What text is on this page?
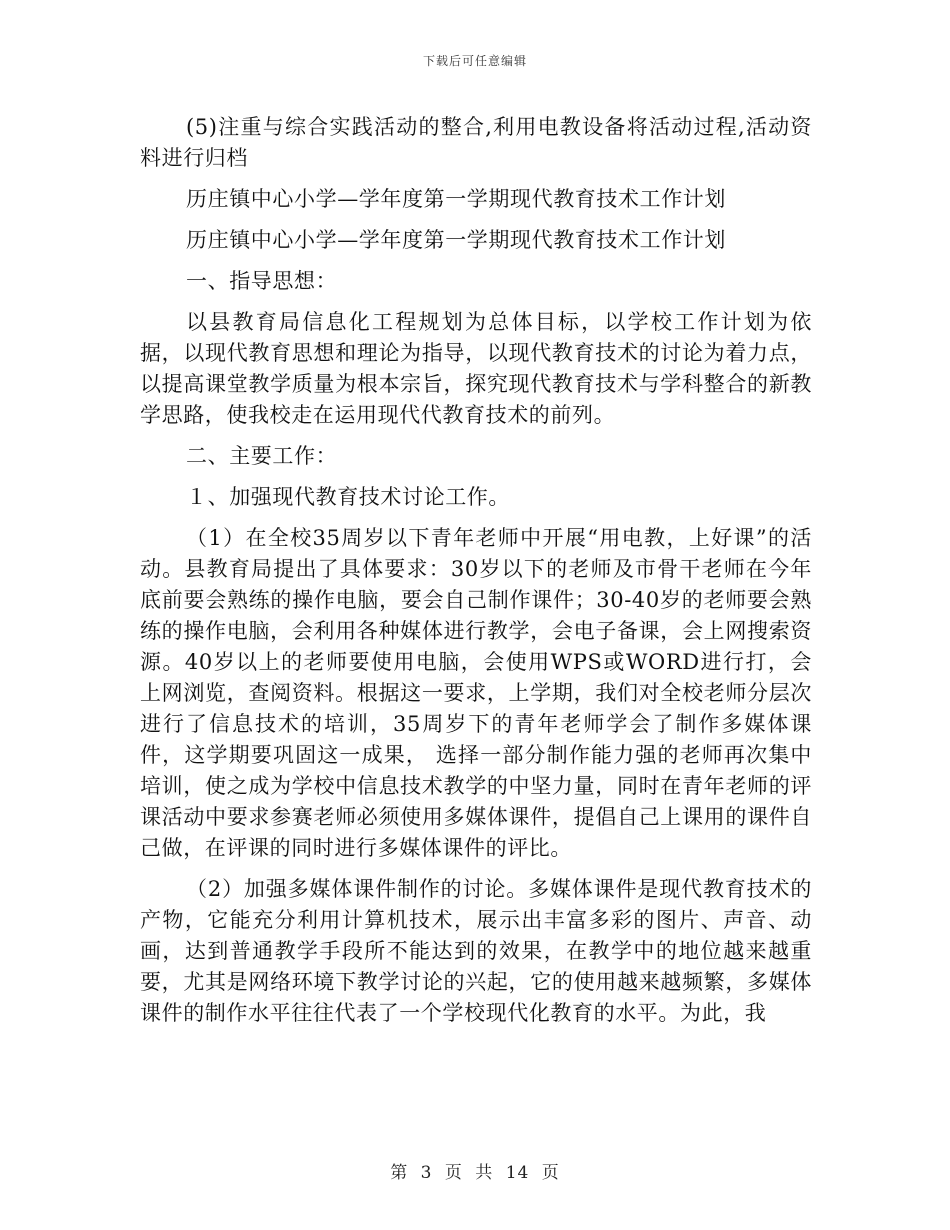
下载后可任意编辑

(5)注重与综合实践活动的整合,利用电教设备将活动过程,活动资料进行归档

历庄镇中心小学—学年度第一学期现代教育技术工作计划

历庄镇中心小学—学年度第一学期现代教育技术工作计划

一、指导思想：

以县教育局信息化工程规划为总体目标，以学校工作计划为依据，以现代教育思想和理论为指导，以现代教育技术的讨论为着力点，以提高课堂教学质量为根本宗旨，探究现代教育技术与学科整合的新教学思路，使我校走在运用现代代教育技术的前列。

二、主要工作：

１、加强现代教育技术讨论工作。

（1）在全校35周岁以下青年老师中开展“用电教，上好课”的活动。县教育局提出了具体要求：30岁以下的老师及市骨干老师在今年底前要会熟练的操作电脑，要会自己制作课件；30-40岁的老师要会熟练的操作电脑，会利用各种媒体进行教学，会电子备课，会上网搜索资源。40岁以上的老师要使用电脑，会使用WPS或WORD进行打，会上网浏览，查阅资料。根据这一要求，上学期，我们对全校老师分层次进行了信息技术的培训，35周岁下的青年老师学会了制作多媒体课件，这学期要巩固这一成果， 选择一部分制作能力强的老师再次集中培训，使之成为学校中信息技术教学的中坚力量，同时在青年老师的评课活动中要求参赛老师必须使用多媒体课件，提倡自己上课用的课件自己做，在评课的同时进行多媒体课件的评比。

（2）加强多媒体课件制作的讨论。多媒体课件是现代教育技术的产物，它能充分利用计算机技术，展示出丰富多彩的图片、声音、动画，达到普通教学手段所不能达到的效果，在教学中的地位越来越重要，尤其是网络环境下教学讨论的兴起，它的使用越来越频繁，多媒体课件的制作水平往往代表了一个学校现代化教育的水平。为此，我

第 3 页 共 14 页
